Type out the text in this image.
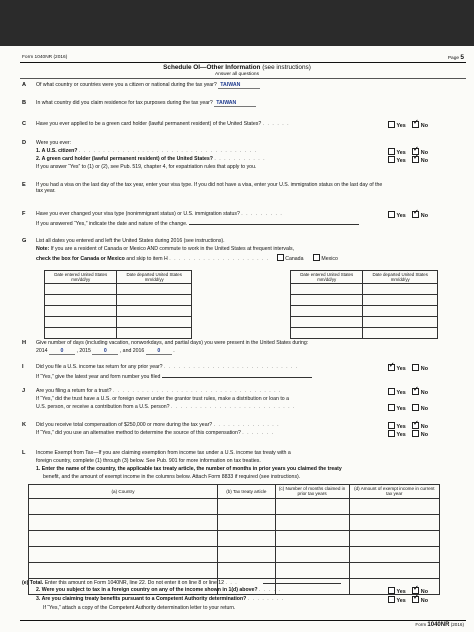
Form 1040NR (2016)	Page 5
Schedule OI—Other Information (see instructions)
Answer all questions
A Of what country or countries were you a citizen or national during the tax year? TAIWAN
B In what country did you claim residence for tax purposes during the tax year? TAIWAN
C Have you ever applied to be a green card holder (lawful permanent resident) of the United States? . . . . . .	Yes ✓	No
D Were you ever:
1. A U.S. citizen? . . . . . . . . . . . . . . . . . . . . . . . . . . . . . . . . . . . . .	Yes ✓	No
2. A green card holder (lawful permanent resident) of the United States? . . . . . . . . . . .	Yes ✓	No
If you answer “Yes” to (1) or (2), see Pub. 519, chapter 4, for expatriation rules that apply to you.
E If you had a visa on the last day of the tax year, enter your visa type. If you did not have a visa, enter your U.S. immigration status on the last day of the tax year.
F Have you ever changed your visa type (nonimmigrant status) or U.S. immigration status? . . . . . . . . .	Yes ✓	No
If you answered “Yes,” indicate the date and nature of the change.
G List all dates you entered and left the United States during 2016 (see instructions).
Note: If you are a resident of Canada or Mexico AND commute to work in the United States at frequent intervals,
check the box for Canada or Mexico and skip to item H . . . . . . . . . . . . . . . . . . . . .	Canada	Mexico
Date entered United States mm/dd/yy	Date departed United States mm/dd/yy

Date entered United States mm/dd/yy	Date departed United States mm/dd/yy

H Give number of days (including vacation, nonworkdays, and partial days) you were present in the United States during:
2014	0	, 2015	0	, and 2016	0 .
I Did you file a U.S. income tax return for any prior year? . . . . . . . . . . . . . . . . . . . . . . . . . . . . ✓	Yes	No
If “Yes,” give the latest year and form number you filed
J Are you filing a return for a trust? . . . . . . . . . . . . . . . . . . . . . . . . . . . . . . . . . . .	Yes ✓	No
If “Yes,” did the trust have a U.S. or foreign owner under the grantor trust rules, make a distribution or loan to a
U.S. person, or receive a contribution from a U.S. person? . . . . . . . . . . . . . . . . . . . . . . . . . .	Yes	No
K Did you receive total compensation of $250,000 or more during the tax year? . . . . . . . . . . . . . .	Yes ✓	No
If “Yes,” did you use an alternative method to determine the source of this compensation? . . . . . . .	Yes	No
L Income Exempt from Tax—If you are claiming exemption from income tax under a U.S. income tax treaty with a
foreign country, complete (1) through (3) below. See Pub. 901 for more information on tax treaties.
1. Enter the name of the country, the applicable tax treaty article, the number of months in prior years you claimed the treaty
benefit, and the amount of exempt income in the columns below. Attach Form 8833 if required (see instructions).
(a) Country	(b) Tax treaty article	(c) Number of months claimed in prior tax years	(d) Amount of exempt income in current tax year

(e) Total. Enter this amount on Form 1040NR, line 22. Do not enter it on line 8 or line 12 . . .
2. Were you subject to tax in a foreign country on any of the income shown in 1(d) above? . . . . .	Yes ✓	No
3. Are you claiming treaty benefits pursuant to a Competent Authority determination? . . . . . . . .	Yes ✓	No
If “Yes,” attach a copy of the Competent Authority determination letter to your return.
Form 1040NR (2016)
